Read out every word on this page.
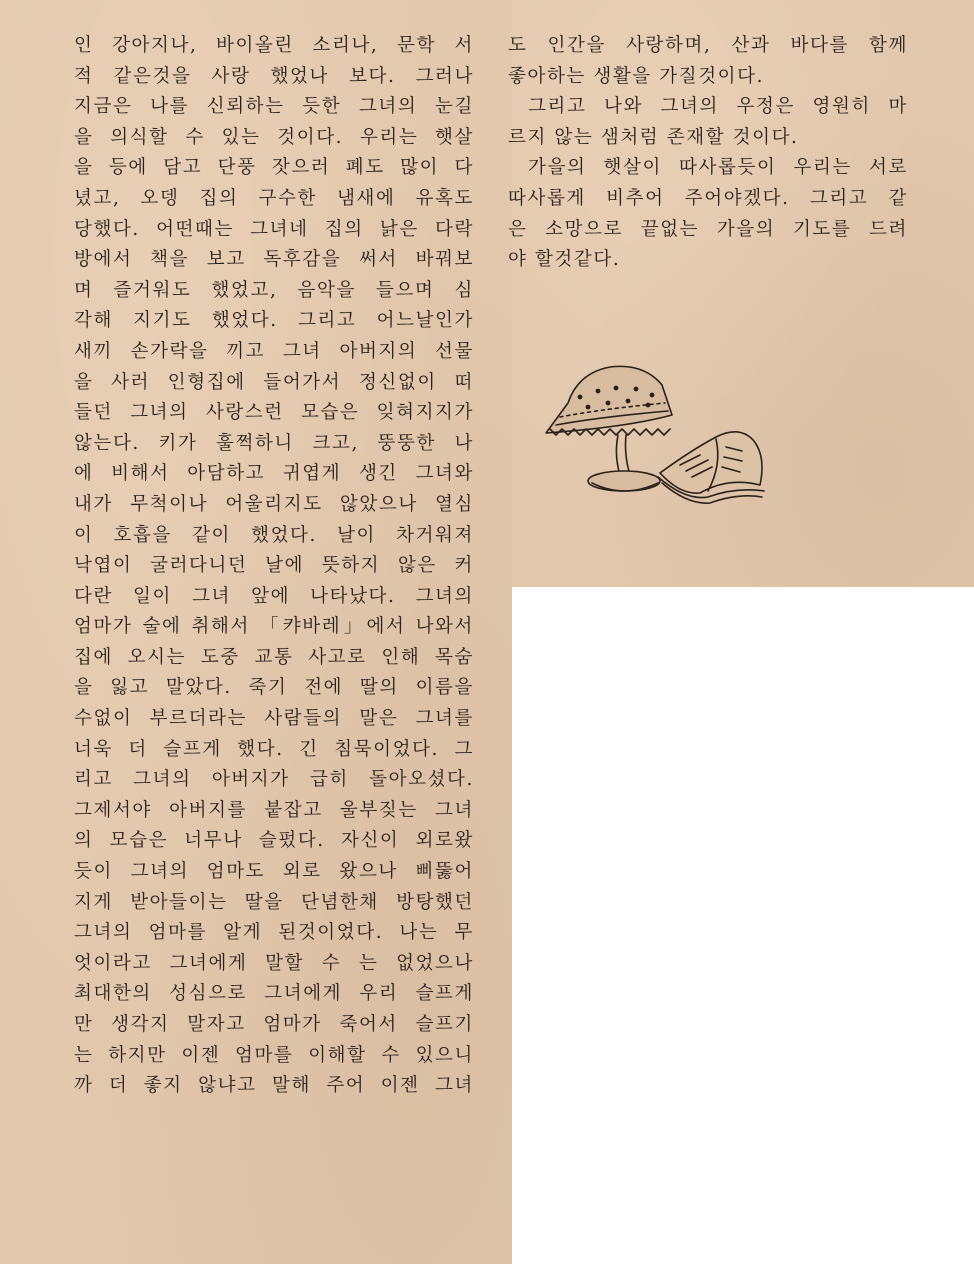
인 강아지나, 바이올린 소리나, 문학 서
적 같은것을 사랑 했었나 보다. 그러나
지금은 나를 신뢰하는 듯한 그녀의 눈길
을 의식할 수 있는 것이다. 우리는 햇살
을 등에 담고 단풍 잣으러 폐도 많이 다
녔고, 오뎅 집의 구수한 냄새에 유혹도
당했다. 어떤때는 그녀네 집의 낡은 다락
방에서 책을 보고 독후감을 써서 바꿔보
며 즐거워도 했었고, 음악을 들으며 심
각해 지기도 했었다. 그리고 어느날인가
새끼 손가락을 끼고 그녀 아버지의 선물
을 사러 인형집에 들어가서 정신없이 떠
들던 그녀의 사랑스런 모습은 잊혀지지가
않는다. 키가 훌쩍하니 크고, 뚱뚱한 나
에 비해서 아담하고 귀엽게 생긴 그녀와
내가 무척이나 어울리지도 않았으나 열심
이 호흡을 같이 했었다. 날이 차거워져
낙엽이 굴러다니던 날에 뜻하지 않은 커
다란 일이 그녀 앞에 나타났다. 그녀의
엄마가 술에 취해서 「캬바레」에서 나와서
집에 오시는 도중 교통 사고로 인해 목숨
을 잃고 말았다. 죽기 전에 딸의 이름을
수없이 부르더라는 사람들의 말은 그녀를
너욱 더 슬프게 했다. 긴 침묵이었다. 그
리고 그녀의 아버지가 급히 돌아오셨다.
그제서야 아버지를 붙잡고 울부짖는 그녀
의 모습은 너무나 슬펐다. 자신이 외로왔
듯이 그녀의 엄마도 외로 왔으나 삐뚫어
지게 받아들이는 딸을 단념한채 방탕했던
그녀의 엄마를 알게 된것이었다. 나는 무
엇이라고 그녀에게 말할 수 는 없었으나
최대한의 성심으로 그녀에게 우리 슬프게
만 생각지 말자고 엄마가 죽어서 슬프기
는 하지만 이젠 엄마를 이해할 수 있으니
까 더 좋지 않냐고 말해 주어 이젠 그녀
도 인간을 사랑하며, 산과 바다를 함께
좋아하는 생활을 가질것이다.
그리고 나와 그녀의 우정은 영원히 마
르지 않는 샘처럼 존재할 것이다.
가을의 햇살이 따사롭듯이 우리는 서로
따사롭게 비추어 주어야겠다. 그리고 같
은 소망으로 끝없는 가을의 기도를 드려
야 할것같다.
